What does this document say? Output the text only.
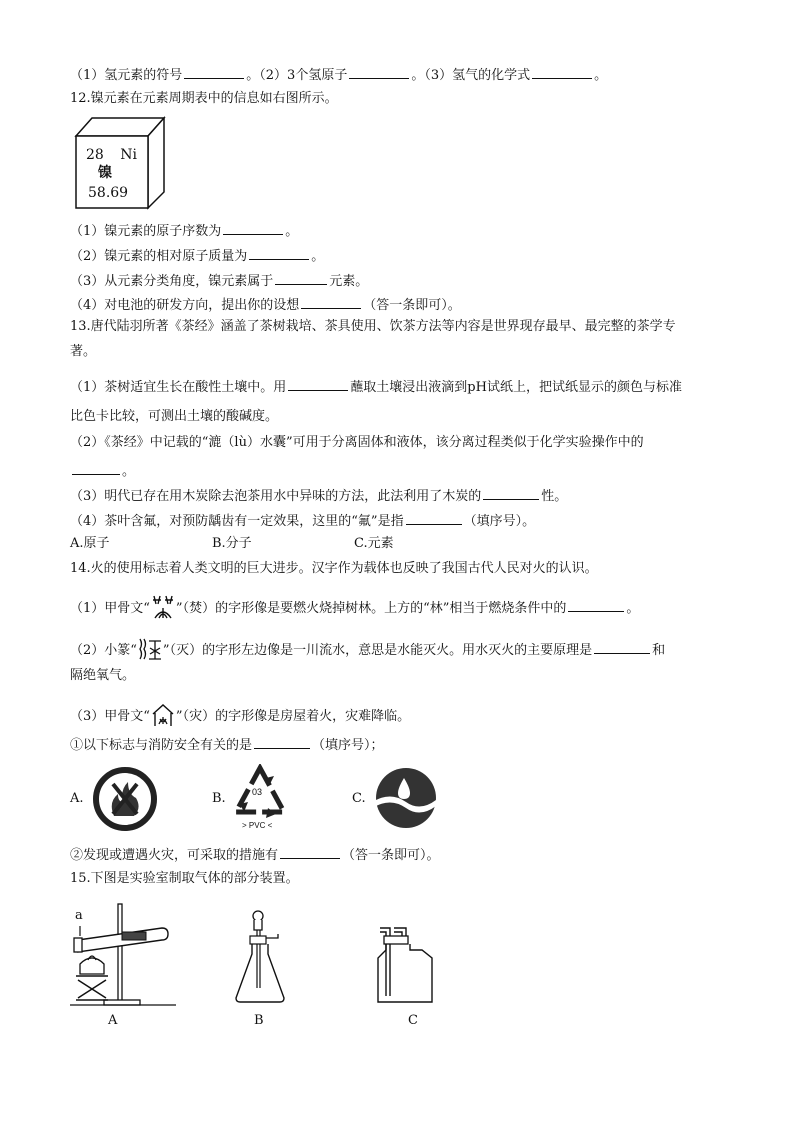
（1）氢元素的符号	。（2）3个氢原子	。（3）氢气的化学式	。
12.镍元素在元素周期表中的信息如右图所示。
28 Ni
镍
58.69
（1）镍元素的原子序数为	。
（2）镍元素的相对原子质量为	。
（3）从元素分类角度，镍元素属于	元素。
（4）对电池的研发方向，提出你的设想	（答一条即可）。
13.唐代陆羽所著《茶经》涵盖了茶树栽培、茶具使用、饮茶方法等内容是世界现存最早、最完整的茶学专
著。
（1）茶树适宜生长在酸性土壤中。用	蘸取土壤浸出液滴到pH试纸上，把试纸显示的颜色与标准
比色卡比较，可测出土壤的酸碱度。
（2）《茶经》中记载的“漉（lù）水囊”可用于分离固体和液体，该分离过程类似于化学实验操作中的
。
（3）明代已存在用木炭除去泡茶用水中异味的方法，此法利用了木炭的	性。
（4）茶叶含氟，对预防龋齿有一定效果，这里的“氟”是指	（填序号）。
A.原子	B.分子	C.元素
14.火的使用标志着人类文明的巨大进步。汉字作为载体也反映了我国古代人民对火的认识。
（1）甲骨文“ ”（焚）的字形像是要燃火烧掉树林。上方的“林”相当于燃烧条件中的	。
（2）小篆“ ”（灭）的字形左边像是一川流水，意思是水能灭火。用水灭火的主要原理是	和
隔绝氧气。
（3）甲骨文“ ”（灾）的字形像是房屋着火，灾难降临。
①以下标志与消防安全有关的是	（填序号）；
A.	B.	03
> PVC <
C.
②发现或遭遇火灾，可采取的措施有	（答一条即可）。
15.下图是实验室制取气体的部分装置。
a
A	B	C
